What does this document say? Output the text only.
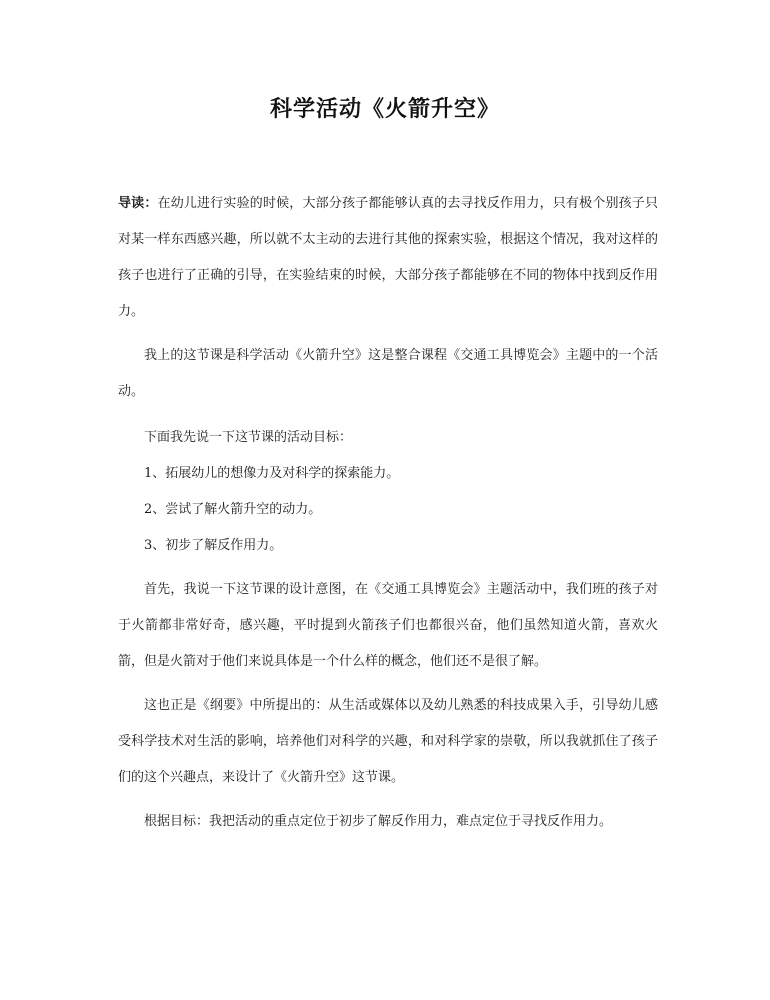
科学活动《火箭升空》

导读：在幼儿进行实验的时候，大部分孩子都能够认真的去寻找反作用力，只有极个别孩子只对某一样东西感兴趣，所以就不太主动的去进行其他的探索实验，根据这个情况，我对这样的孩子也进行了正确的引导，在实验结束的时候，大部分孩子都能够在不同的物体中找到反作用力。

我上的这节课是科学活动《火箭升空》这是整合课程《交通工具博览会》主题中的一个活动。

下面我先说一下这节课的活动目标：

1、拓展幼儿的想像力及对科学的探索能力。

2、尝试了解火箭升空的动力。

3、初步了解反作用力。

首先，我说一下这节课的设计意图，在《交通工具博览会》主题活动中，我们班的孩子对于火箭都非常好奇，感兴趣，平时提到火箭孩子们也都很兴奋，他们虽然知道火箭，喜欢火箭，但是火箭对于他们来说具体是一个什么样的概念，他们还不是很了解。

这也正是《纲要》中所提出的：从生活或媒体以及幼儿熟悉的科技成果入手，引导幼儿感受科学技术对生活的影响，培养他们对科学的兴趣，和对科学家的崇敬，所以我就抓住了孩子们的这个兴趣点，来设计了《火箭升空》这节课。

根据目标：我把活动的重点定位于初步了解反作用力，难点定位于寻找反作用力。
